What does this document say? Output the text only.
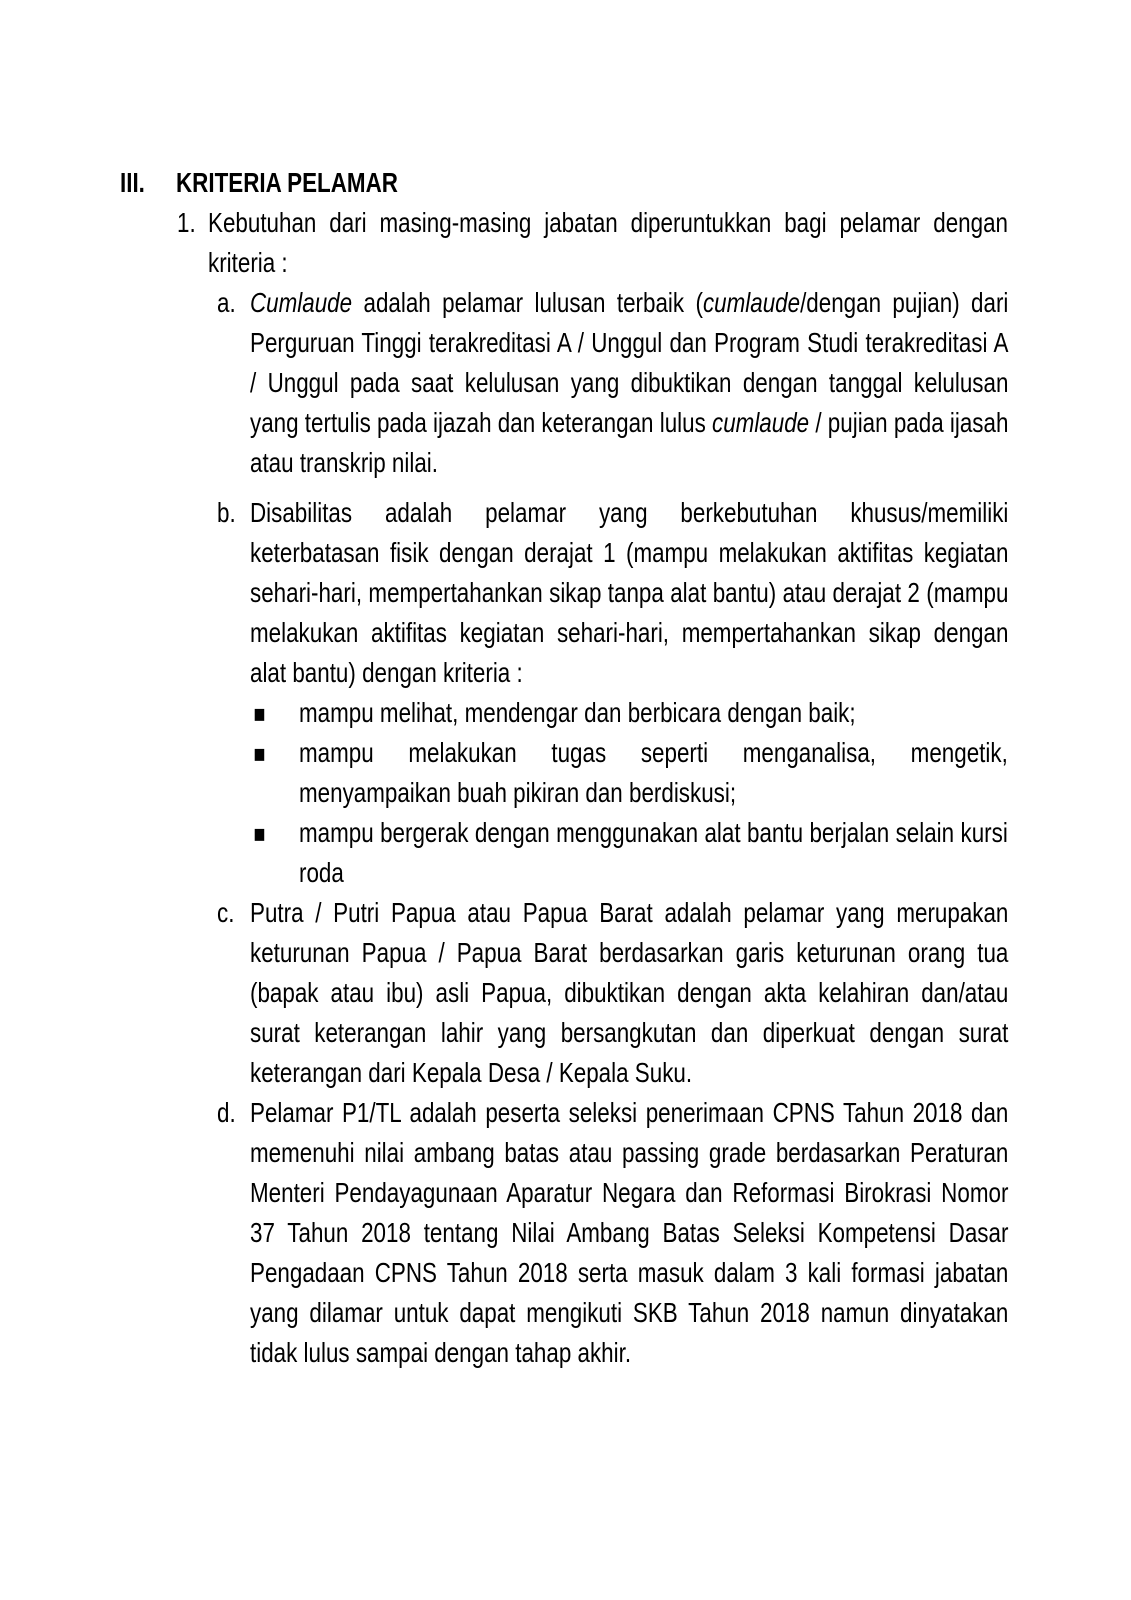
III. KRITERIA PELAMAR
1. Kebutuhan dari masing-masing jabatan diperuntukkan bagi pelamar dengan kriteria :

a. Cumlaude adalah pelamar lulusan terbaik (cumlaude/dengan pujian) dari Perguruan Tinggi terakreditasi A / Unggul dan Program Studi terakreditasi A / Unggul pada saat kelulusan yang dibuktikan dengan tanggal kelulusan yang tertulis pada ijazah dan keterangan lulus cumlaude / pujian pada ijasah atau transkrip nilai.

b. Disabilitas adalah pelamar yang berkebutuhan khusus/memiliki keterbatasan fisik dengan derajat 1 (mampu melakukan aktifitas kegiatan sehari-hari, mempertahankan sikap tanpa alat bantu) atau derajat 2 (mampu melakukan aktifitas kegiatan sehari-hari, mempertahankan sikap dengan alat bantu) dengan kriteria :

▪ mampu melihat, mendengar dan berbicara dengan baik;

▪ mampu melakukan tugas seperti menganalisa, mengetik, menyampaikan buah pikiran dan berdiskusi;

▪ mampu bergerak dengan menggunakan alat bantu berjalan selain kursi roda

c. Putra / Putri Papua atau Papua Barat adalah pelamar yang merupakan keturunan Papua / Papua Barat berdasarkan garis keturunan orang tua (bapak atau ibu) asli Papua, dibuktikan dengan akta kelahiran dan/atau surat keterangan lahir yang bersangkutan dan diperkuat dengan surat keterangan dari Kepala Desa / Kepala Suku.

d. Pelamar P1/TL adalah peserta seleksi penerimaan CPNS Tahun 2018 dan memenuhi nilai ambang batas atau passing grade berdasarkan Peraturan Menteri Pendayagunaan Aparatur Negara dan Reformasi Birokrasi Nomor 37 Tahun 2018 tentang Nilai Ambang Batas Seleksi Kompetensi Dasar Pengadaan CPNS Tahun 2018 serta masuk dalam 3 kali formasi jabatan yang dilamar untuk dapat mengikuti SKB Tahun 2018 namun dinyatakan tidak lulus sampai dengan tahap akhir.
